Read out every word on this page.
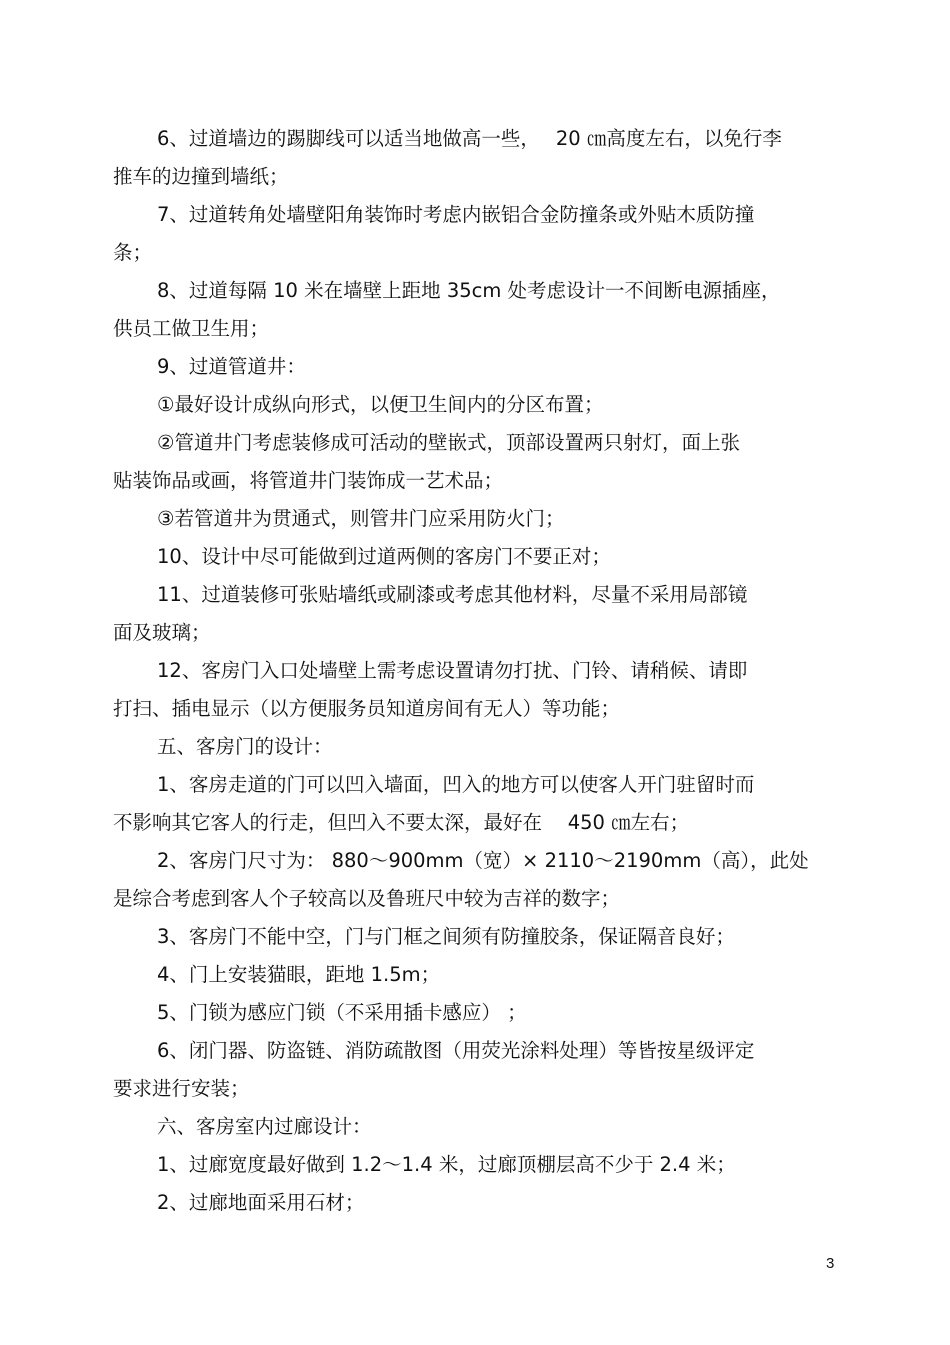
6、过道墙边的踢脚线可以适当地做高一些，　 20 ㎝高度左右，以免行李
推车的边撞到墙纸；

7、过道转角处墙壁阳角装饰时考虑内嵌铝合金防撞条或外贴木质防撞
条；

8、过道每隔 10 米在墙壁上距地 35cm 处考虑设计一不间断电源插座，
供员工做卫生用；

9、过道管道井：

①最好设计成纵向形式，以便卫生间内的分区布置；

②管道井门考虑装修成可活动的壁嵌式，顶部设置两只射灯，面上张
贴装饰品或画，将管道井门装饰成一艺术品；

③若管道井为贯通式，则管井门应采用防火门；

10、设计中尽可能做到过道两侧的客房门不要正对；

11、过道装修可张贴墙纸或刷漆或考虑其他材料，尽量不采用局部镜
面及玻璃；

12、客房门入口处墙壁上需考虑设置请勿打扰、门铃、请稍候、请即
打扫、插电显示（以方便服务员知道房间有无人）等功能；

五、客房门的设计：

1、客房走道的门可以凹入墙面，凹入的地方可以使客人开门驻留时而
不影响其它客人的行走，但凹入不要太深，最好在　 450 ㎝左右；

2、客房门尺寸为： 880～900mm（宽）× 2110～2190mm（高），此处
是综合考虑到客人个子较高以及鲁班尺中较为吉祥的数字；

3、客房门不能中空，门与门框之间须有防撞胶条，保证隔音良好；

4、门上安装猫眼，距地 1.5m；

5、门锁为感应门锁（不采用插卡感应） ；

6、闭门器、防盗链、消防疏散图（用荧光涂料处理）等皆按星级评定
要求进行安装；

六、客房室内过廊设计：

1、过廊宽度最好做到 1.2～1.4 米，过廊顶棚层高不少于 2.4 米；

2、过廊地面采用石材；

3
